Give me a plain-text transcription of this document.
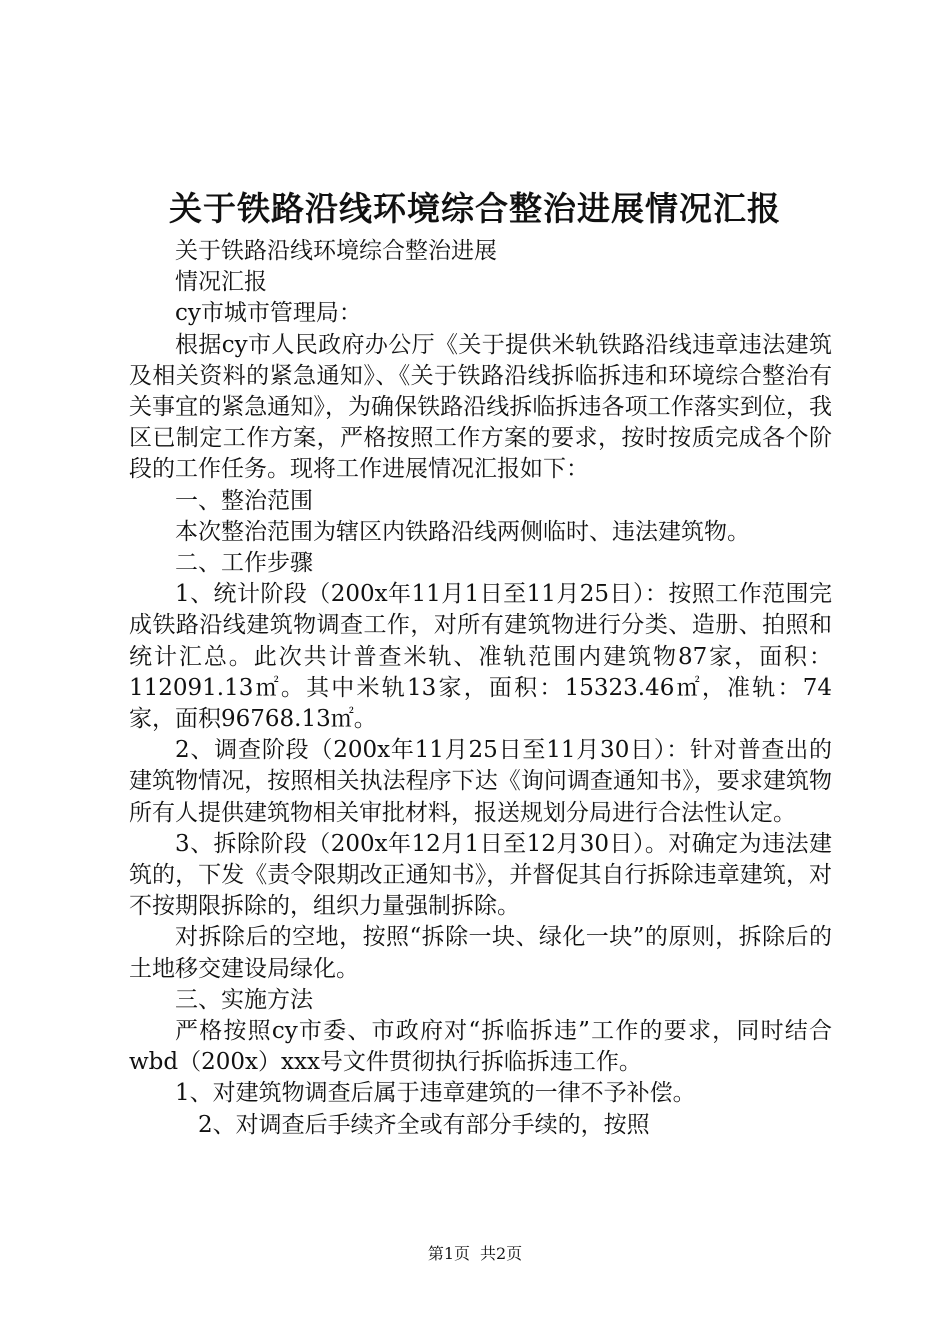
关于铁路沿线环境综合整治进展情况汇报

关于铁路沿线环境综合整治进展

情况汇报

cy市城市管理局：

根据cy市人民政府办公厅《关于提供米轨铁路沿线违章违法建筑及相关资料的紧急通知》、《关于铁路沿线拆临拆违和环境综合整治有关事宜的紧急通知》，为确保铁路沿线拆临拆违各项工作落实到位，我区已制定工作方案，严格按照工作方案的要求，按时按质完成各个阶段的工作任务。现将工作进展情况汇报如下：

一、整治范围

本次整治范围为辖区内铁路沿线两侧临时、违法建筑物。

二、工作步骤

1、统计阶段（200x年11月1日至11月25日）：按照工作范围完成铁路沿线建筑物调查工作，对所有建筑物进行分类、造册、拍照和统计汇总。此次共计普查米轨、准轨范围内建筑物87家，面积：112091.13㎡。其中米轨13家，面积：15323.46㎡，准轨：74家，面积96768.13㎡。

2、调查阶段（200x年11月25日至11月30日）：针对普查出的建筑物情况，按照相关执法程序下达《询问调查通知书》，要求建筑物所有人提供建筑物相关审批材料，报送规划分局进行合法性认定。

3、拆除阶段（200x年12月1日至12月30日）。对确定为违法建筑的，下发《责令限期改正通知书》，并督促其自行拆除违章建筑，对不按期限拆除的，组织力量强制拆除。

对拆除后的空地，按照“拆除一块、绿化一块”的原则，拆除后的土地移交建设局绿化。

三、实施方法

严格按照cy市委、市政府对“拆临拆违”工作的要求，同时结合wbd（200x）xxx号文件贯彻执行拆临拆违工作。

1、对建筑物调查后属于违章建筑的一律不予补偿。

2、对调查后手续齐全或有部分手续的，按照

第1页 共2页
